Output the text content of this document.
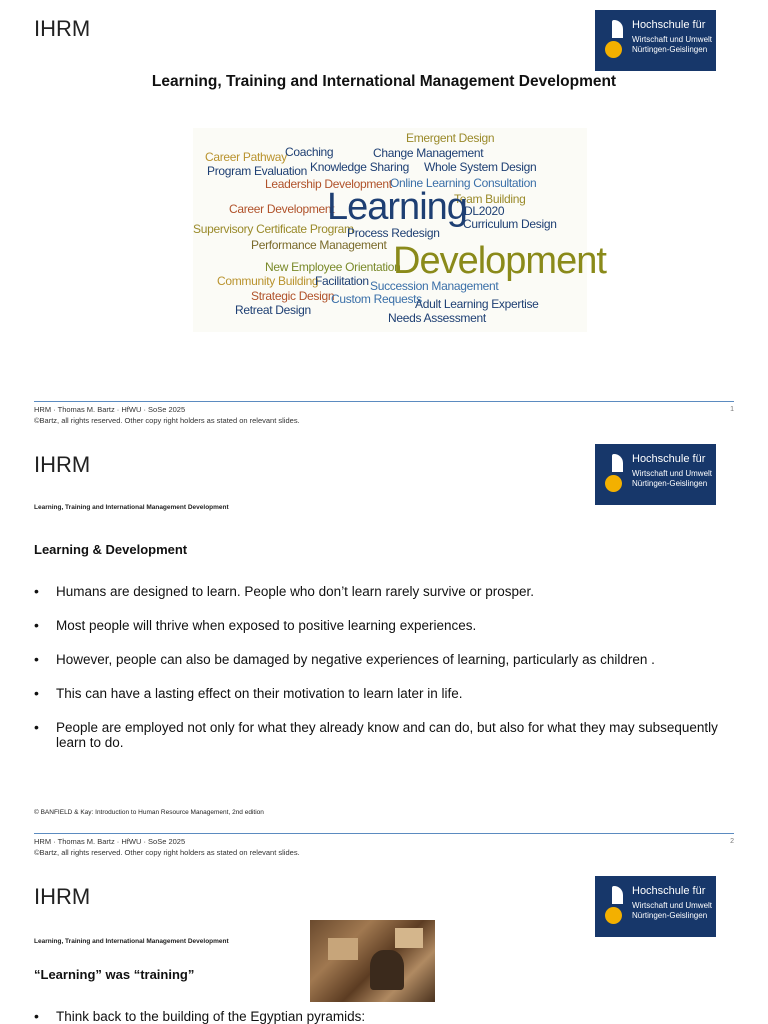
IHRM	Hochschule für
Wirtschaft und Umwelt
Nürtingen-Geislingen
Learning, Training and International Management Development
Emergent Design
Career Pathway
Coaching	Change Management
Program Evaluation Knowledge Sharing Whole System Design
Leadership Development
Online Learning Consultation
Team Building
Career Development
Learning
DL2020
Curriculum Design
Supervisory Certificate Program
Process Redesign
Performance Management
New Employee Orientation
Development
Community Building
Facilitation Succession Management
Strategic Design
Custom Requests
Adult Learning Expertise
Retreat Design
Needs Assessment
HRM · Thomas M. Bartz · HfWU · SoSe 2025
©Bartz, all rights reserved. Other copy right holders as stated on relevant slides.
1
IHRM	Hochschule für
Wirtschaft und Umwelt
Nürtingen-Geislingen
Learning, Training and International Management Development
Learning & Development
• Humans are designed to learn. People who don’t learn rarely survive or prosper.
• Most people will thrive when exposed to positive learning experiences.
• However, people can also be damaged by negative experiences of learning, particularly as children .
• This can have a lasting effect on their motivation to learn later in life.
• People are employed not only for what they already know and can do, but also for what they may subsequently learn to do.
© BANFIELD & Kay: Introduction to Human Resource Management, 2nd edition
HRM · Thomas M. Bartz · HfWU · SoSe 2025
©Bartz, all rights reserved. Other copy right holders as stated on relevant slides.
2
IHRM	Hochschule für
Wirtschaft und Umwelt
Nürtingen-Geislingen
Learning, Training and International Management Development
“Learning” was “training”
• Think back to the building of the Egyptian pyramids:
